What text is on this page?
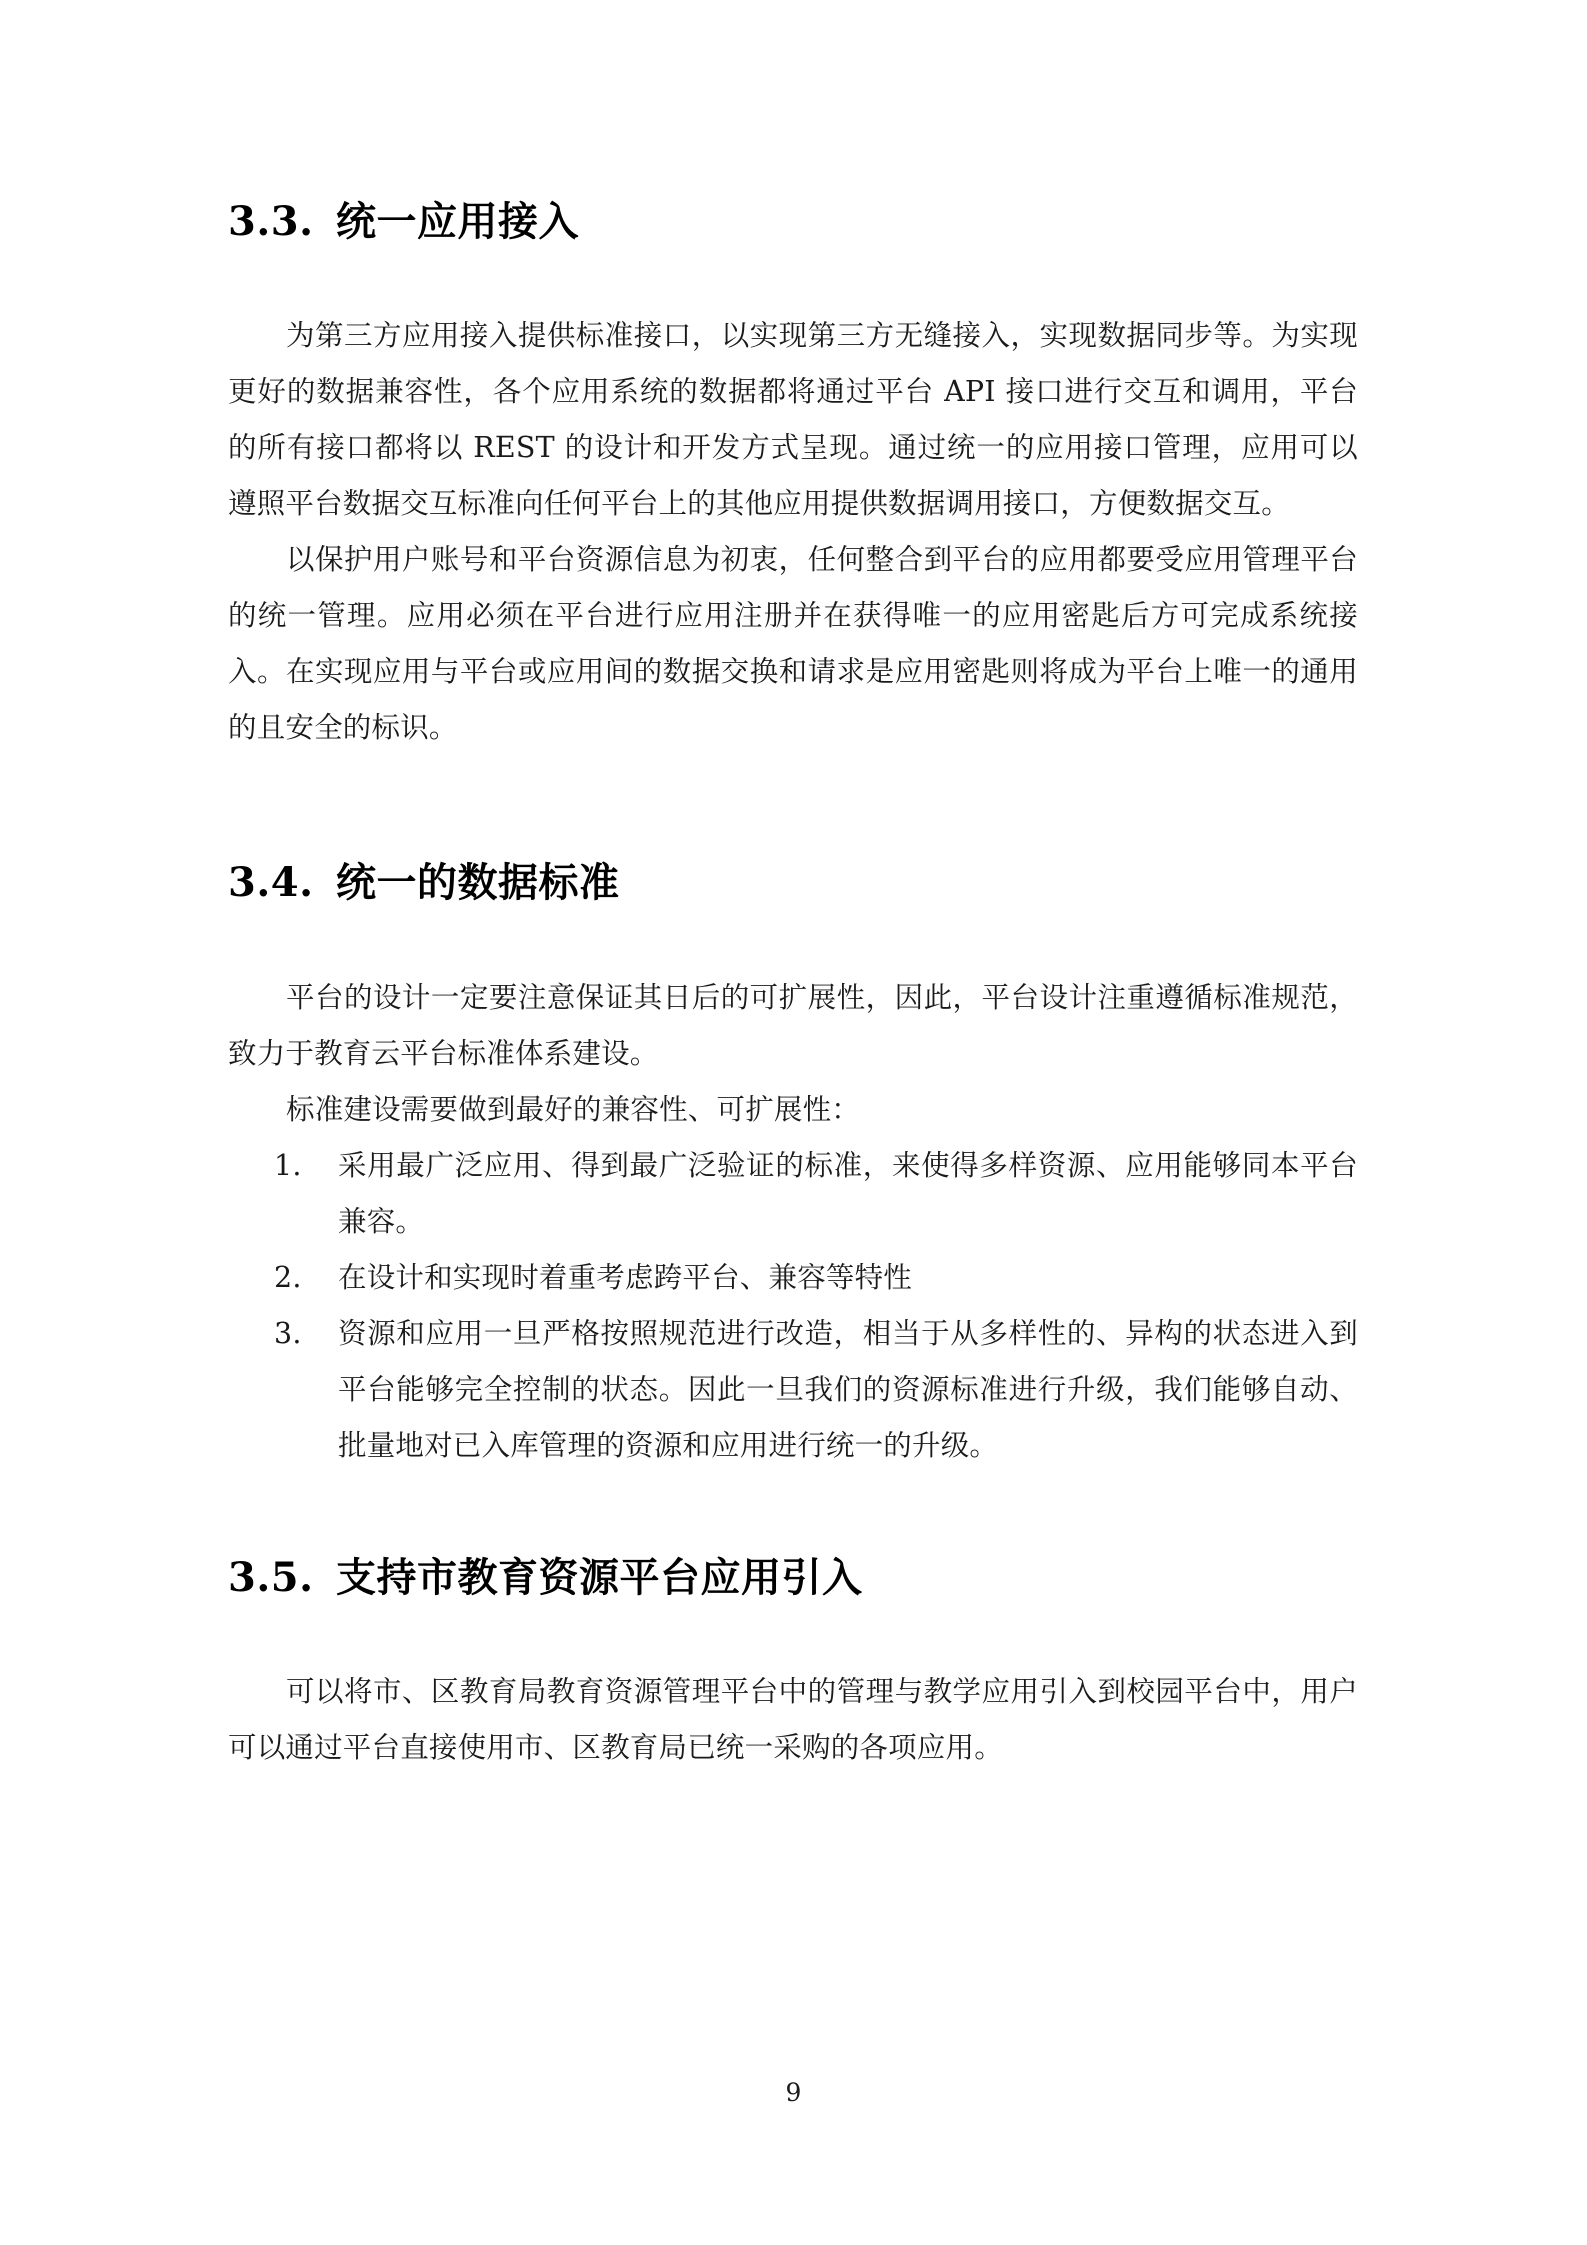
3.3. 统一应用接入

为第三方应用接入提供标准接口，以实现第三方无缝接入，实现数据同步等。为实现更好的数据兼容性，各个应用系统的数据都将通过平台 API 接口进行交互和调用，平台的所有接口都将以 REST 的设计和开发方式呈现。通过统一的应用接口管理，应用可以遵照平台数据交互标准向任何平台上的其他应用提供数据调用接口，方便数据交互。

以保护用户账号和平台资源信息为初衷，任何整合到平台的应用都要受应用管理平台的统一管理。应用必须在平台进行应用注册并在获得唯一的应用密匙后方可完成系统接入。在实现应用与平台或应用间的数据交换和请求是应用密匙则将成为平台上唯一的通用的且安全的标识。

3.4. 统一的数据标准

平台的设计一定要注意保证其日后的可扩展性，因此，平台设计注重遵循标准规范，致力于教育云平台标准体系建设。

标准建设需要做到最好的兼容性、可扩展性：

1.	采用最广泛应用、得到最广泛验证的标准，来使得多样资源、应用能够同本平台兼容。
2.	在设计和实现时着重考虑跨平台、兼容等特性
3.	资源和应用一旦严格按照规范进行改造，相当于从多样性的、异构的状态进入到平台能够完全控制的状态。因此一旦我们的资源标准进行升级，我们能够自动、批量地对已入库管理的资源和应用进行统一的升级。
3.5. 支持市教育资源平台应用引入

可以将市、区教育局教育资源管理平台中的管理与教学应用引入到校园平台中，用户可以通过平台直接使用市、区教育局已统一采购的各项应用。

9
